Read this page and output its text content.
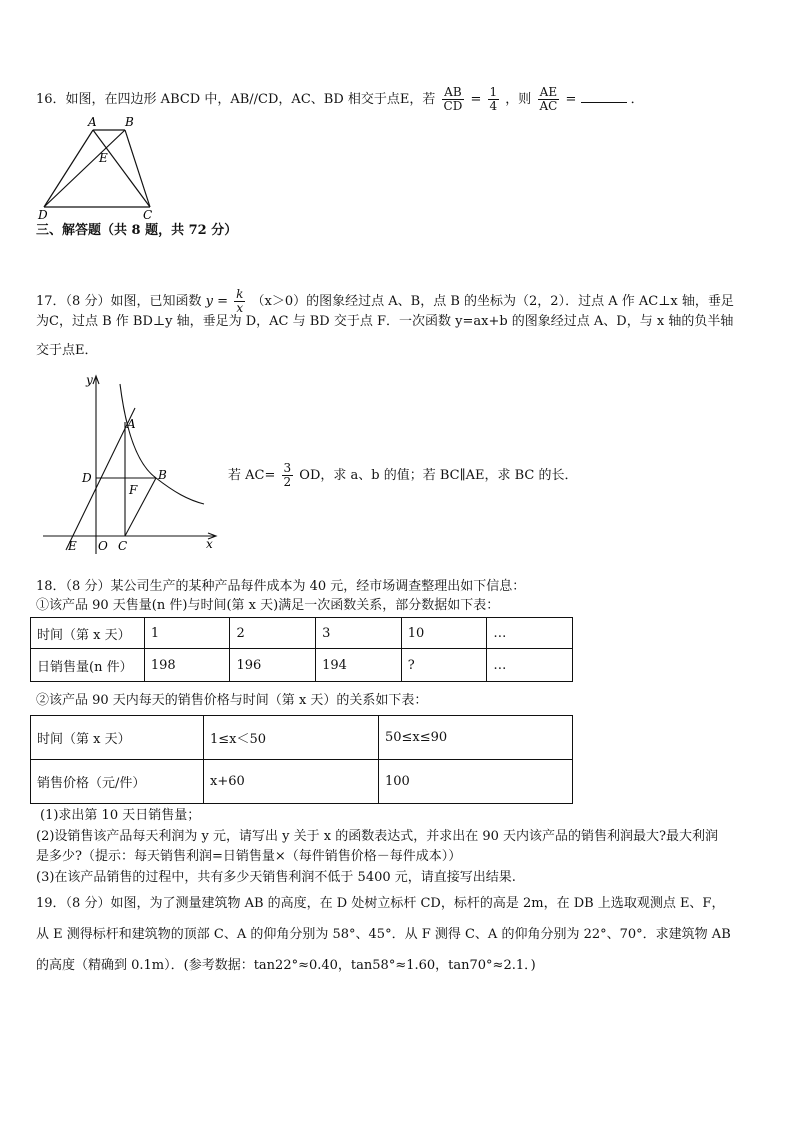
16．如图，在四边形 ABCD 中，AB//CD，AC、BD 相交于点E，若 $\frac{AB}{CD} = \frac{1}{4}$ ，则 $\frac{AE}{AC}$ =	．
A B
E
D	C
三、解答题（共 8 题，共 72 分）
17．（8 分）如图，已知函数 $y = \frac{k}{x} (x>0)$的图象经过点 A、B，点 B 的坐标为（2，2）．过点 A 作 AC⊥x 轴，垂足
为C，过点 B 作 BD⊥y 轴，垂足为 D，AC 与 BD 交于点 F．一次函数 y=ax+b 的图象经过点 A、D，与 x 轴的负半轴
交于点E．
y
x
A
B
D
F
E O C
若 $AC= \frac{3}{2}$ OD，求 a、b 的值；若 BC∥AE，求 BC 的长．
18．（8 分）某公司生产的某种产品每件成本为 40 元，经市场调查整理出如下信息：
①该产品 90 天售量(n 件)与时间(第 x 天)满足一次函数关系，部分数据如下表：
时间（第 x 天）	1	2	3	10	…
日销售量(n 件）	198	196	194	?	…
②该产品 90 天内每天的销售价格与时间（第 x 天）的关系如下表：
时间（第 x 天）	1≤x＜50	50≤x≤90
销售价格（元/件）	x+60	100
(1)求出第 10 天日销售量；
(2)设销售该产品每天利润为 y 元，请写出 y 关于 x 的函数表达式，并求出在 90 天内该产品的销售利润最大?最大利润
是多少?（提示：每天销售利润=日销售量×（每件销售价格－每件成本））
(3)在该产品销售的过程中，共有多少天销售利润不低于 5400 元，请直接写出结果.
19．（8 分）如图，为了测量建筑物 AB 的高度，在 D 处树立标杆 CD，标杆的高是 2m，在 DB 上选取观测点 E、F，
从 E 测得标杆和建筑物的顶部 C、A 的仰角分别为 58°、45°．从 F 测得 C、A 的仰角分别为 22°、70°．求建筑物 AB
的高度（精确到 0.1m）．(参考数据：tan22°≈0.40，tan58°≈1.60，tan70°≈2.1．)
